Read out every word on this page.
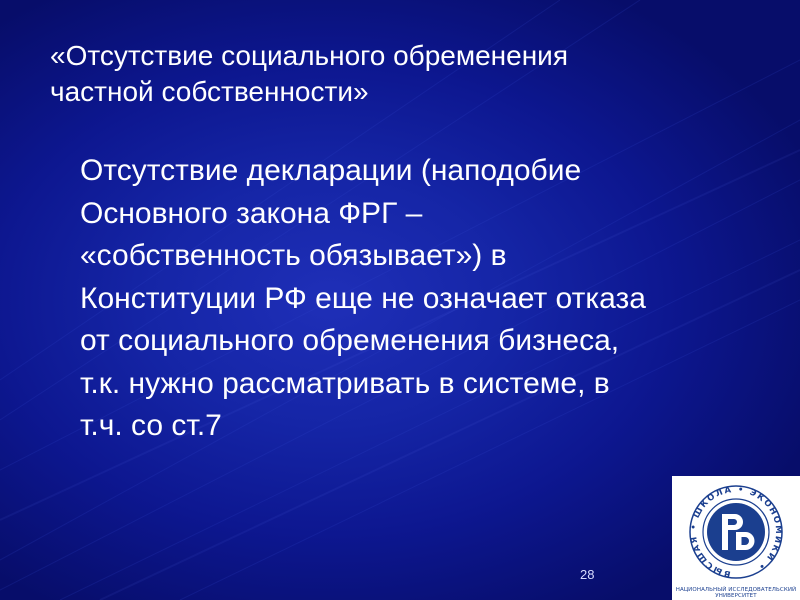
«Отсутствие социального обременения
частной собственности»

Отсутствие декларации (наподобие
Основного закона ФРГ –
«собственность обязывает») в
Конституции РФ еще не означает отказа
от социального обременения бизнеса,
т.к. нужно рассматривать в системе, в
т.ч. со ст.7

28	ВЫСШАЯ • ШКОЛА • ЭКОНОМИКИ •
НАЦИОНАЛЬНЫЙ ИССЛЕДОВАТЕЛЬСКИЙ УНИВЕРСИТЕТ
